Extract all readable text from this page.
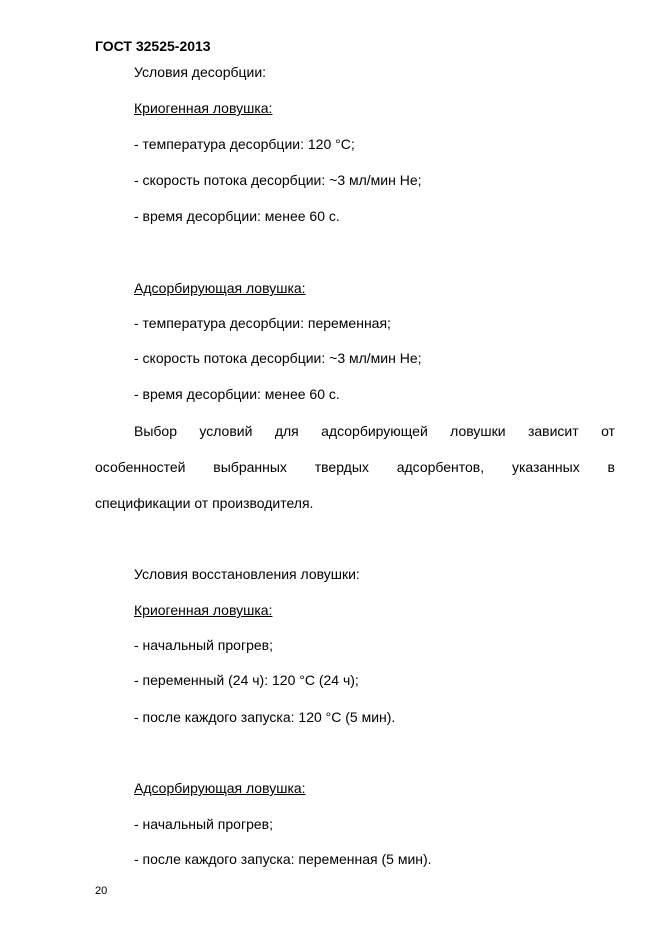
ГОСТ 32525-2013
Условия десорбции:
Криогенная ловушка:
- температура десорбции: 120 °С;
- скорость потока десорбции: ~3 мл/мин He;
- время десорбции: менее 60 с.
Адсорбирующая ловушка:
- температура десорбции: переменная;
- скорость потока десорбции: ~3 мл/мин He;
- время десорбции: менее 60 с.
Выбор условий для адсорбирующей ловушки зависит от
особенностей выбранных твердых адсорбентов, указанных в
спецификации от производителя.
Условия восстановления ловушки:
Криогенная ловушка:
- начальный прогрев;
- переменный (24 ч): 120 °С (24 ч);
- после каждого запуска: 120 °С (5 мин).
Адсорбирующая ловушка:
- начальный прогрев;
- после каждого запуска: переменная (5 мин).
20
